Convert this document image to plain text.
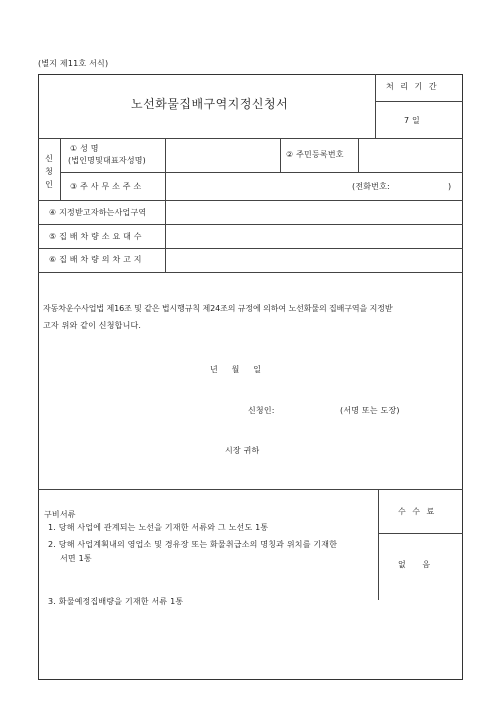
(별지 제11호 서식)
노선화물집배구역지정신청서
처 리 기 간
7 일
신
청
인
① 성 명
(법인명및대표자성명)
② 주민등록번호
③ 주 사 무 소 주 소	(전화번호:	)
④ 지정받고자하는사업구역
⑤ 집 배 차 량 소 요 대 수
⑥ 집 배 차 량 의 차 고 지
자동차운수사업법 제16조 및 같은 법시행규칙 제24조의 규정에 의하여 노선화물의 집배구역을 지정받
고자 위와 같이 신청합니다.
년     월     일
신청인:	(서명 또는 도장)
시장 귀하
구비서류
1. 당해 사업에 관계되는 노선을 기재한 서류와 그 노선도 1통
2. 당해 사업계획내의 영업소 및 경유장 또는 화물취급소의 명칭과 위치를 기재한
서면 1통
3. 화물예정집배량을 기재한 서류 1통
수 수 료
없      음
